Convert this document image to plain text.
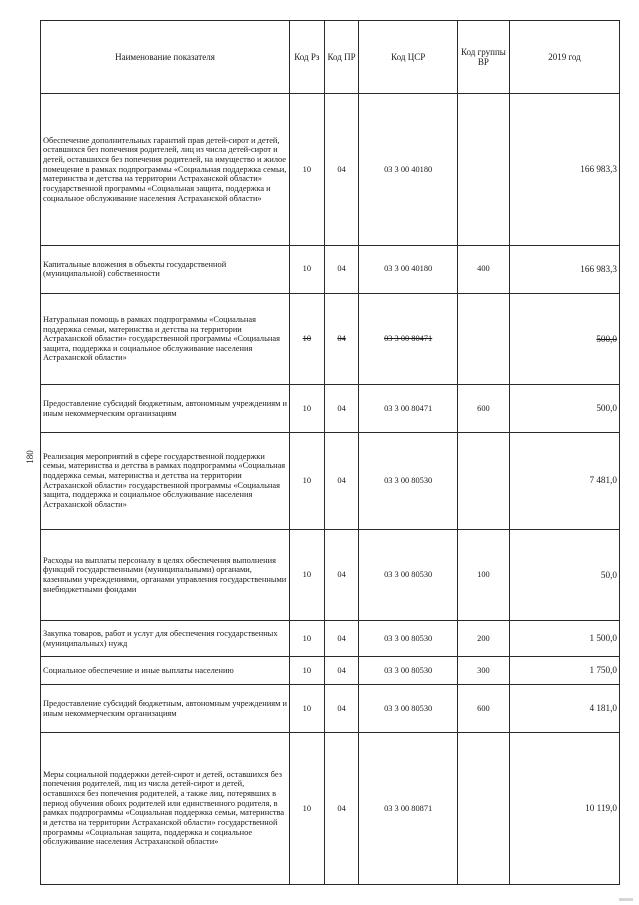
180
Наименование показателя	Код Рз	Код ПР	Код ЦСР	Код группы ВР	2019 год
Обеспечение дополнительных гарантий прав детей-сирот и детей, оставшихся без попечения родителей, лиц из числа детей-сирот и детей, оставшихся без попечения родителей, на имущество и жилое помещение в рамках подпрограммы «Социальная поддержка семьи, материнства и детства на территории Астраханской области» государственной программы «Социальная защита, поддержка и социальное обслуживание населения Астраханской области»	10	04	03 3 00 40180		166 983,3
Капитальные вложения в объекты государственной (муниципальной) собственности	10	04	03 3 00 40180	400	166 983,3
Натуральная помощь в рамках подпрограммы «Социальная поддержка семьи, материнства и детства на территории Астраханской области» государственной программы «Социальная защита, поддержка и социальное обслуживание населения Астраханской области»	10	04	03 3 00 80471		500,0
Предоставление субсидий бюджетным, автономным учреждениям и иным некоммерческим организациям	10	04	03 3 00 80471	600	500,0
Реализация мероприятий в сфере государственной поддержки семьи, материнства и детства в рамках подпрограммы «Социальная поддержка семьи, материнства и детства на территории Астраханской области» государственной программы «Социальная защита, поддержка и социальное обслуживание населения Астраханской области»	10	04	03 3 00 80530		7 481,0
Расходы на выплаты персоналу в целях обеспечения выполнения функций государственными (муниципальными) органами, казенными учреждениями, органами управления государственными внебюджетными фондами	10	04	03 3 00 80530	100	50,0
Закупка товаров, работ и услуг для обеспечения государственных (муниципальных) нужд	10	04	03 3 00 80530	200	1 500,0
Социальное обеспечение и иные выплаты населению	10	04	03 3 00 80530	300	1 750,0
Предоставление субсидий бюджетным, автономным учреждениям и иным некоммерческим организациям	10	04	03 3 00 80530	600	4 181,0
Меры социальной поддержки детей-сирот и детей, оставшихся без попечения родителей, лиц из числа детей-сирот и детей, оставшихся без попечения родителей, а также лиц, потерявших в период обучения обоих родителей или единственного родителя, в рамках подпрограммы «Социальная поддержка семьи, материнства и детства на территории Астраханской области» государственной программы «Социальная защита, поддержка и социальное обслуживание населения Астраханской области»	10	04	03 3 00 80871		10 119,0
